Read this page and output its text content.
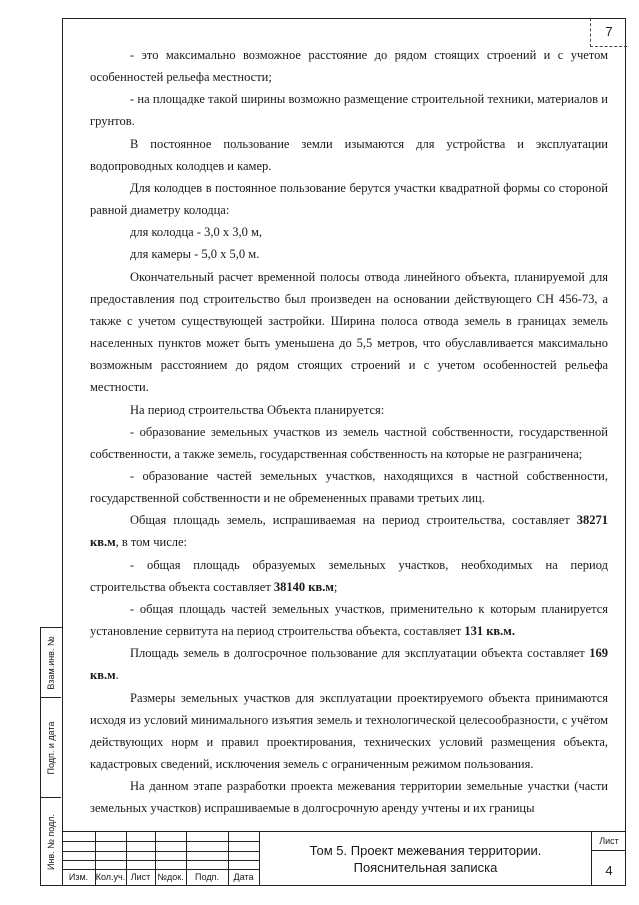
7
Взам.инв. №
Подп. и дата
Инв. № подл.

- это максимально возможное расстояние до рядом стоящих строений и с учетом особенностей рельефа местности;

- на площадке такой ширины возможно размещение строительной техники, материалов и грунтов.

В постоянное пользование земли изымаются для устройства и эксплуатации водопроводных колодцев и камер.

Для колодцев в постоянное пользование берутся участки квадратной формы со стороной равной диаметру колодца:

для колодца - 3,0 х 3,0 м,

для камеры - 5,0 х 5,0 м.

Окончательный расчет временной полосы отвода линейного объекта, планируемой для предоставления под строительство был произведен на основании действующего СН 456-73, а также с учетом существующей застройки. Ширина полоса отвода земель в границах земель населенных пунктов может быть уменьшена до 5,5 метров, что обуславливается максимально возможным расстоянием до рядом стоящих строений и с учетом особенностей рельефа местности.

На период строительства Объекта планируется:

- образование земельных участков из земель частной собственности, государственной собственности, а также земель, государственная собственность на которые не разграничена;

- образование частей земельных участков, находящихся в частной собственности, государственной собственности и не обремененных правами третьих лиц.

Общая площадь земель, испрашиваемая на период строительства, составляет 38271 кв.м, в том числе:

- общая площадь образуемых земельных участков, необходимых на период строительства объекта составляет 38140 кв.м;

- общая площадь частей земельных участков, применительно к которым планируется установление сервитута на период строительства объекта, составляет 131 кв.м.

Площадь земель в долгосрочное пользование для эксплуатации объекта составляет 169 кв.м.

Размеры земельных участков для эксплуатации проектируемого объекта принимаются исходя из условий минимального изъятия земель и технологической целесообразности, с учётом действующих норм и правил проектирования, технических условий размещения объекта, кадастровых сведений, исключения земель с ограниченным режимом пользования.

На данном этапе разработки проекта межевания территории земельные участки (части земельных участков) испрашиваемые в долгосрочную аренду учтены и их границы

Изм. Кол.уч. Лист №док.	Подп.	Дата
Том 5. Проект межевания территории.
Пояснительная записка
Лист
4
